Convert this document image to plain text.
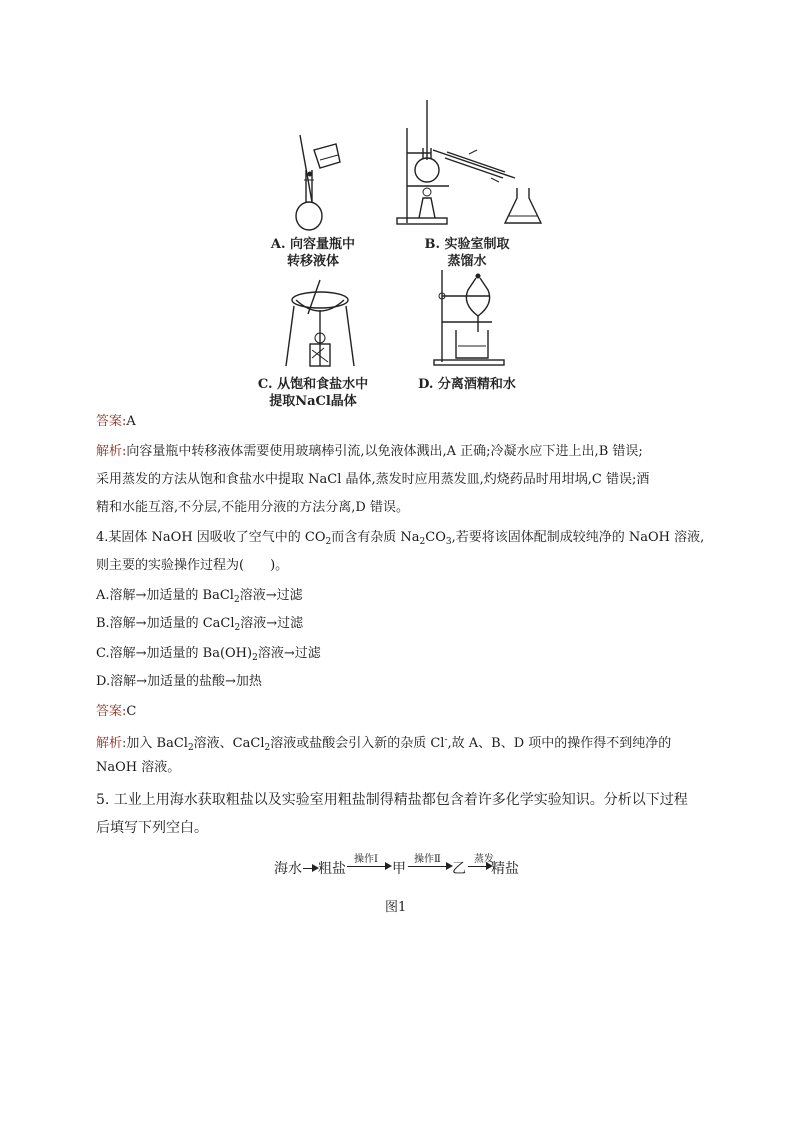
A. 向容量瓶中
转移液体
B. 实验室制取
蒸馏水
C. 从饱和食盐水中
提取NaCl晶体
D. 分离酒精和水
答案:A
解析:向容量瓶中转移液体需要使用玻璃棒引流,以免液体溅出,A 正确;冷凝水应下进上出,B 错误;
采用蒸发的方法从饱和食盐水中提取 NaCl 晶体,蒸发时应用蒸发皿,灼烧药品时用坩埚,C 错误;酒
精和水能互溶,不分层,不能用分液的方法分离,D 错误。
4.某固体 NaOH 因吸收了空气中的 $CO_2$而含有杂质 $Na_2CO_3$,若要将该固体配制成较纯净的 NaOH 溶液,
则主要的实验操作过程为(　　)。
A.溶解→加适量的 BaCl$_2$溶液→过滤
B.溶解→加适量的 CaCl$_2$溶液→过滤
C.溶解→加适量的 $Ba(OH)_2$溶液→过滤
D.溶解→加适量的盐酸→加热
答案:C
解析:加入 BaCl$_2$溶液、CaCl$_2$溶液或盐酸会引入新的杂质 Cl-,故 A、B、D 项中的操作得不到纯净的
NaOH 溶液。
5. 工业上用海水获取粗盐以及实验室用粗盐制得精盐都包含着许多化学实验知识。分析以下过程
后填写下列空白。
海水 粗盐
操作Ⅰ
甲
操作Ⅱ
乙
蒸发
精盐
图1
